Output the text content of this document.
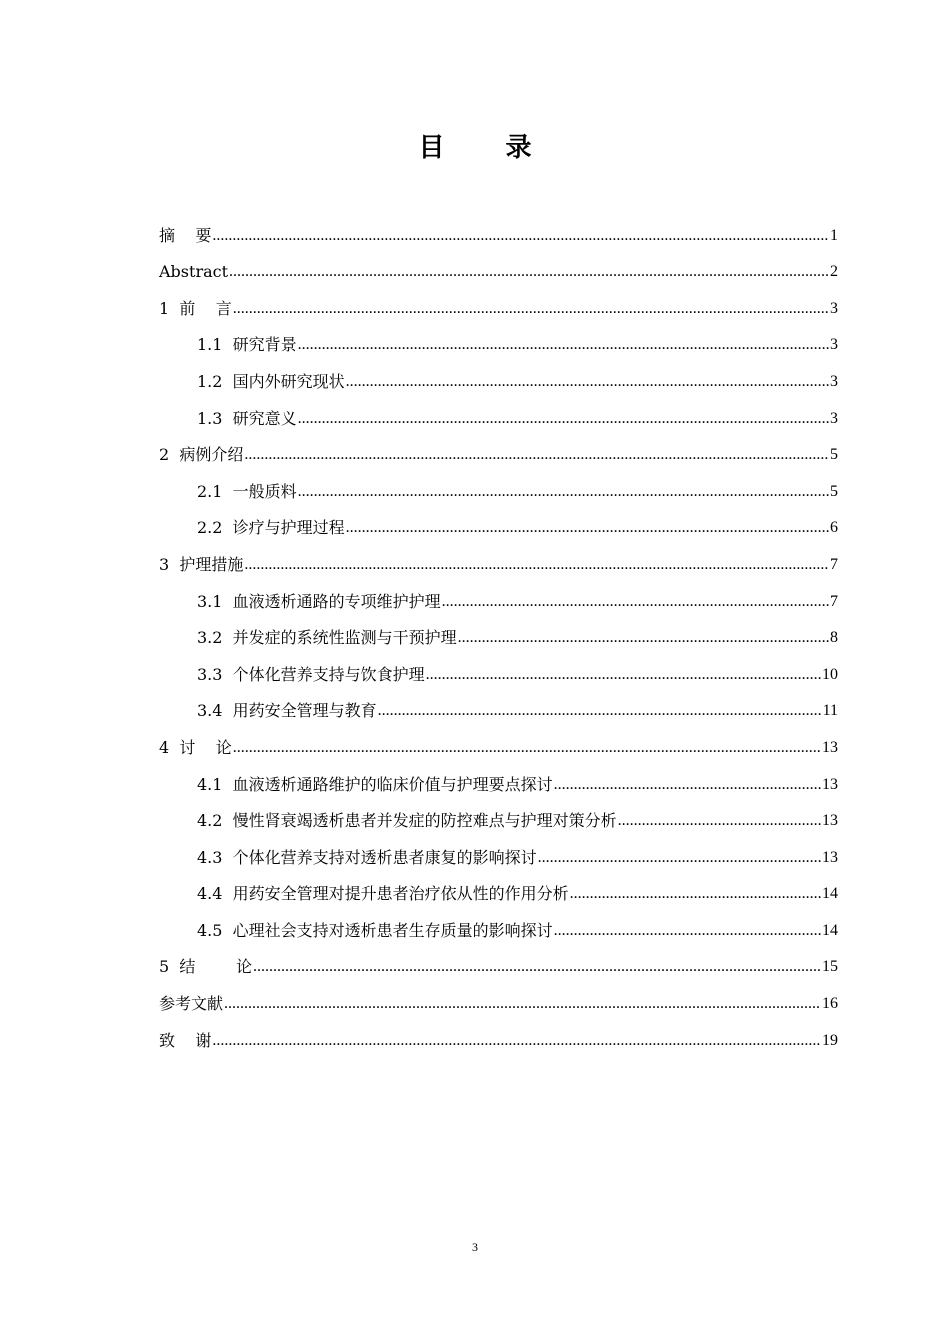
目 录
摘    要 .....	1
Abstract .....	2
1  前    言 .....	3
1.1  研究背景 .....	3
1.2  国内外研究现状 .....	3
1.3  研究意义 .....	3
2  病例介绍 .....	5
2.1  一般质料 .....	5
2.2  诊疗与护理过程 .....	6
3  护理措施 .....	7
3.1  血液透析通路的专项维护护理 .....	7
3.2  并发症的系统性监测与干预护理 .....	8
3.3  个体化营养支持与饮食护理 .....	10
3.4  用药安全管理与教育 .....	11
4  讨    论 .....	13
4.1  血液透析通路维护的临床价值与护理要点探讨 .....	13
4.2  慢性肾衰竭透析患者并发症的防控难点与护理对策分析 .....	13
4.3  个体化营养支持对透析患者康复的影响探讨 .....	13
4.4  用药安全管理对提升患者治疗依从性的作用分析 .....	14
4.5  心理社会支持对透析患者生存质量的影响探讨 .....	14
5  结        论 .....	15
参考文献 .....	16
致    谢 .....	19
3
